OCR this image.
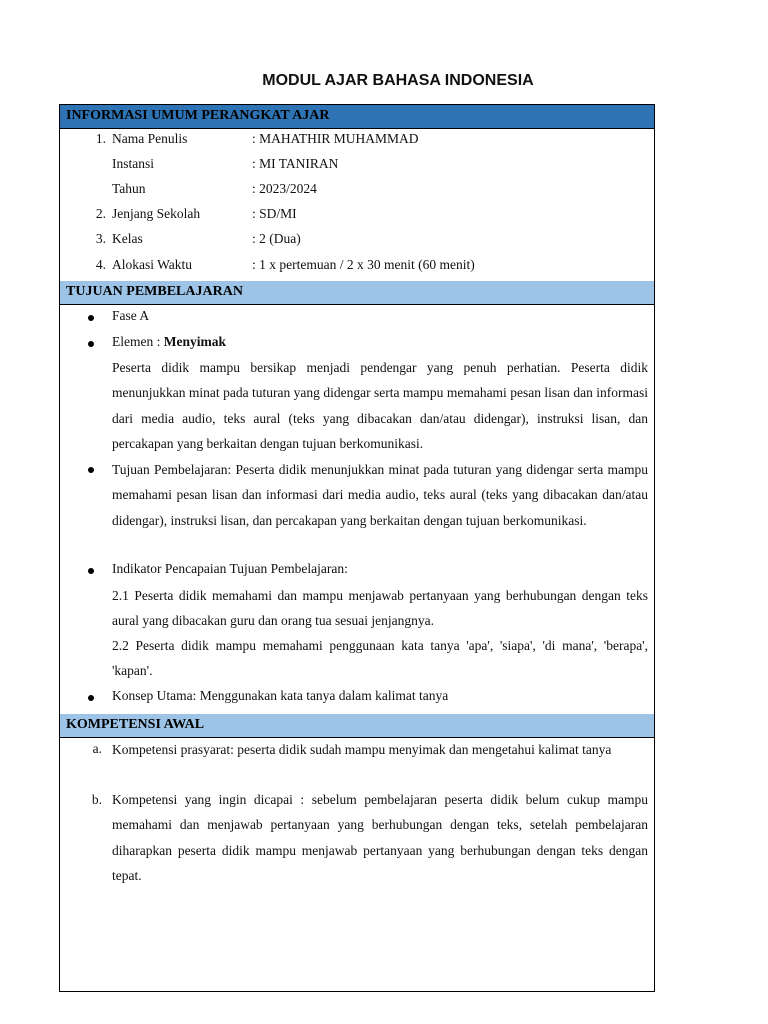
MODUL AJAR BAHASA INDONESIA
INFORMASI UMUM PERANGKAT AJAR
1. Nama Penulis	: MAHATHIR MUHAMMAD
Instansi	: MI TANIRAN
Tahun	: 2023/2024
2. Jenjang Sekolah	: SD/MI
3. Kelas	: 2 (Dua)
4. Alokasi Waktu	: 1 x pertemuan / 2 x 30 menit (60 menit)
TUJUAN PEMBELAJARAN
Fase A
Elemen : Menyimak
Peserta didik mampu bersikap menjadi pendengar yang penuh perhatian. Peserta didik menunjukkan minat pada tuturan yang didengar serta mampu memahami pesan lisan dan informasi dari media audio, teks aural (teks yang dibacakan dan/atau didengar), instruksi lisan, dan percakapan yang berkaitan dengan tujuan berkomunikasi.
Tujuan Pembelajaran: Peserta didik menunjukkan minat pada tuturan yang didengar serta mampu memahami pesan lisan dan informasi dari media audio, teks aural (teks yang dibacakan dan/atau didengar), instruksi lisan, dan percakapan yang berkaitan dengan tujuan berkomunikasi.
Indikator Pencapaian Tujuan Pembelajaran:
2.1 Peserta didik memahami dan mampu menjawab pertanyaan yang berhubungan dengan teks aural yang dibacakan guru dan orang tua sesuai jenjangnya.
2.2 Peserta didik mampu memahami penggunaan kata tanya 'apa', 'siapa', 'di mana', 'berapa', 'kapan'.
Konsep Utama: Menggunakan kata tanya dalam kalimat tanya
KOMPETENSI AWAL
a. Kompetensi prasyarat: peserta didik sudah mampu menyimak dan mengetahui kalimat tanya
b. Kompetensi yang ingin dicapai : sebelum pembelajaran peserta didik belum cukup mampu memahami dan menjawab pertanyaan yang berhubungan dengan teks, setelah pembelajaran diharapkan peserta didik mampu menjawab pertanyaan yang berhubungan dengan teks dengan tepat.
